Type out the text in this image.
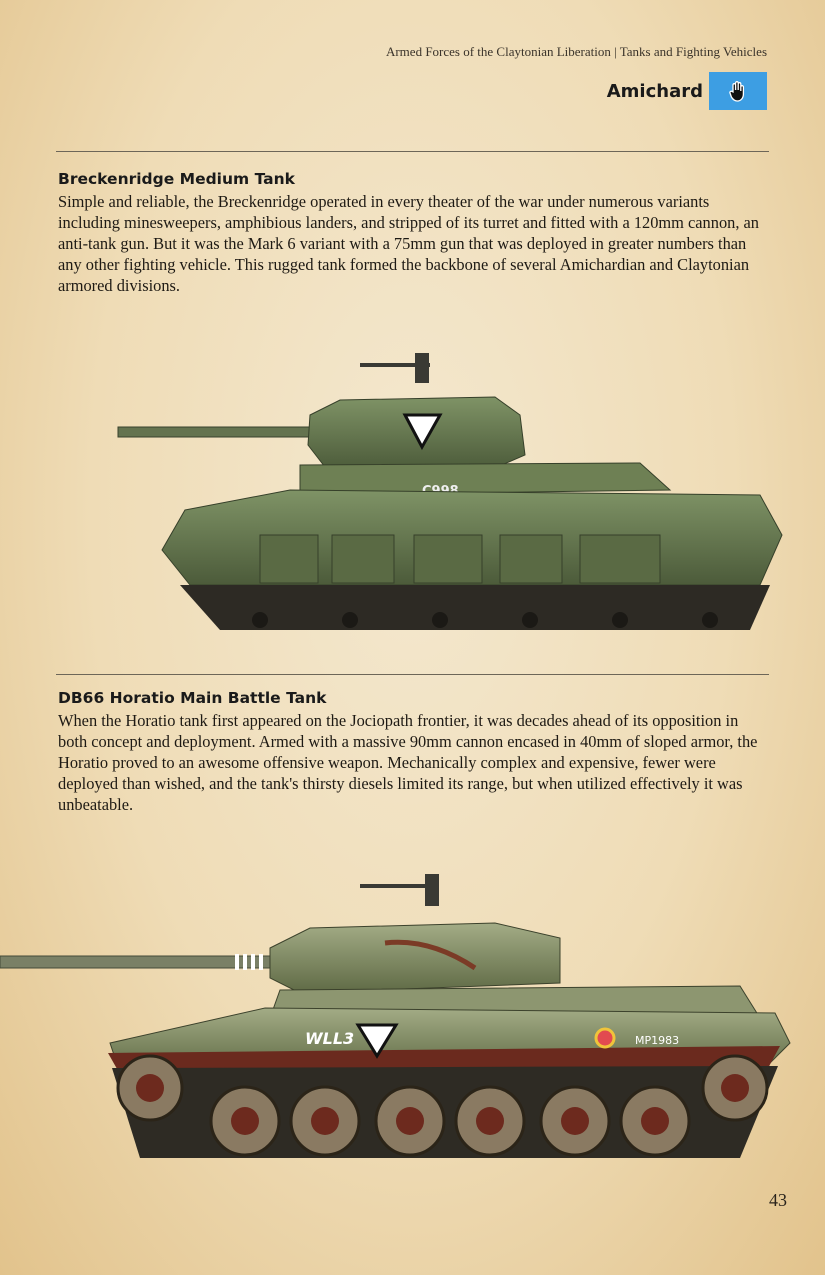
Armed Forces of the Claytonian Liberation | Tanks and Fighting Vehicles
Amichard
Breckenridge Medium Tank

Simple and reliable, the Breckenridge operated in every theater of the war under numerous variants including minesweepers, amphibious landers, and stripped of its turret and fitted with a 120mm cannon, an anti-tank gun. But it was the Mark 6 variant with a 75mm gun that was deployed in greater numbers than any other fighting vehicle. This rugged tank formed the backbone of several Amichardian and Claytonian armored divisions.

DB66 Horatio Main Battle Tank

When the Horatio tank first appeared on the Jociopath frontier, it was decades ahead of its opposition in both concept and deployment. Armed with a massive 90mm cannon encased in 40mm of sloped armor, the Horatio proved to an awesome offensive weapon. Mechanically complex and expensive, fewer were deployed than wished, and the tank's thirsty diesels limited its range, but when utilized effectively it was unbeatable.

WLL3	MP1983
43
